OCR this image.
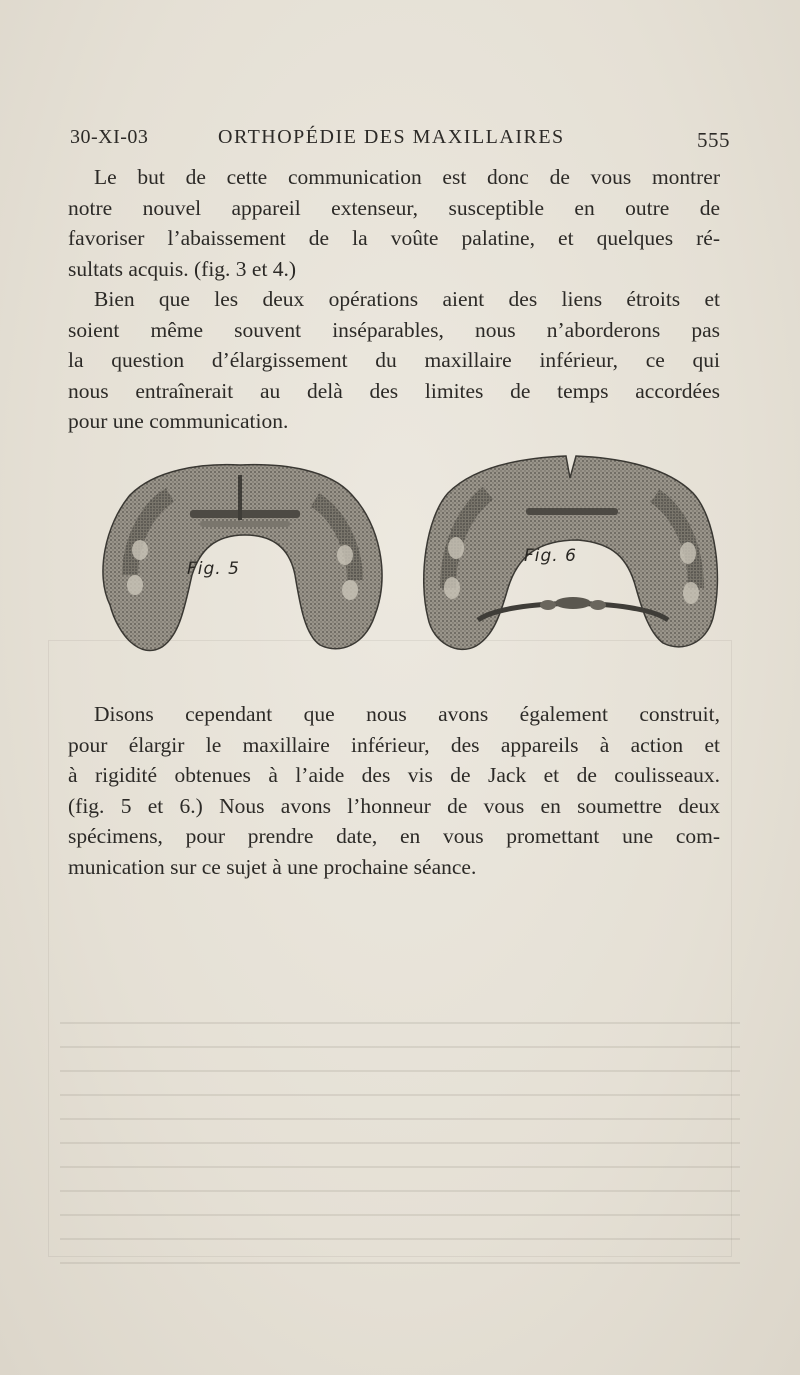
30-XI-03	ORTHOPÉDIE DES MAXILLAIRES	555
Le but de cette communication est donc de vous montrer
notre nouvel appareil extenseur, susceptible en outre de
favoriser l’abaissement de la voûte palatine, et quelques ré-
sultats acquis. (fig. 3 et 4.)
Bien que les deux opérations aient des liens étroits et
soient même souvent inséparables, nous n’aborderons pas
la question d’élargissement du maxillaire inférieur, ce qui
nous entraînerait au delà des limites de temps accordées
pour une communication.
Fig. 5
Fig. 6
Disons cependant que nous avons également construit,
pour élargir le maxillaire inférieur, des appareils à action et
à rigidité obtenues à l’aide des vis de Jack et de coulisseaux.
(fig. 5 et 6.) Nous avons l’honneur de vous en soumettre deux
spécimens, pour prendre date, en vous promettant une com-
munication sur ce sujet à une prochaine séance.
